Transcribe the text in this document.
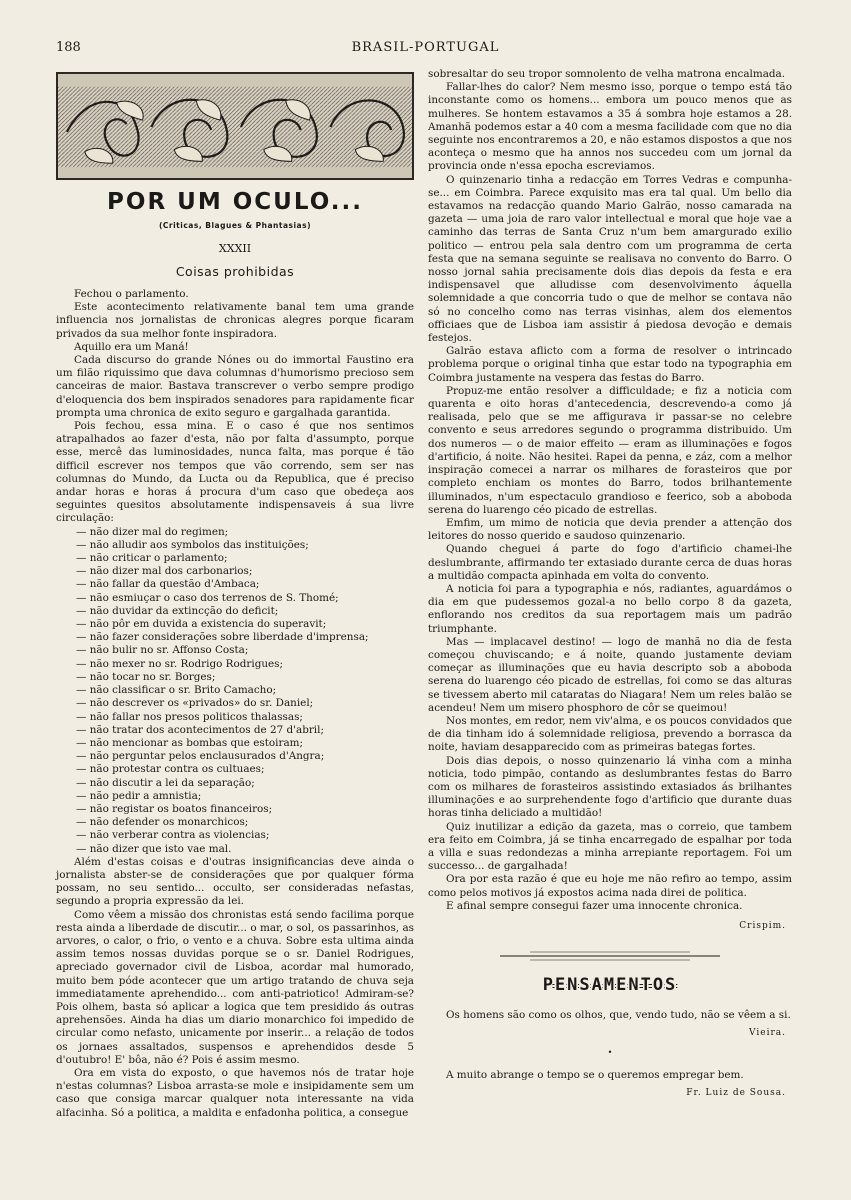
188	BRASIL-PORTUGAL
POR UM OCULO...
(Criticas, Blagues & Phantasias)
XXXII
Coisas prohibidas

Fechou o parlamento.

Este acontecimento relativamente banal tem uma grande influencia nos jornalistas de chronicas alegres porque ficaram privados da sua melhor fonte inspiradora.

Aquillo era um Maná!

Cada discurso do grande Nónes ou do immortal Faustino era um filão riquissimo que dava columnas d'humorismo precioso sem canceiras de maior. Bastava transcrever o verbo sempre prodigo d'eloquencia dos bem inspirados senadores para rapidamente ficar prompta uma chronica de exito seguro e gargalhada garantida.

Pois fechou, essa mina. E o caso é que nos sentimos atrapalhados ao fazer d'esta, não por falta d'assumpto, porque esse, mercê das luminosidades, nunca falta, mas porque é tão difficil escrever nos tempos que vão correndo, sem ser nas columnas do Mundo, da Lucta ou da Republica, que é preciso andar horas e horas á procura d'um caso que obedeça aos seguintes quesitos absolutamente indispensaveis á sua livre circulação:

— não dizer mal do regimen;
— não alludir aos symbolos das instituições;
— não criticar o parlamento;
— não dizer mal dos carbonarios;
— não fallar da questão d'Ambaca;
— não esmiuçar o caso dos terrenos de S. Thomé;
— não duvidar da extincção do deficit;
— não pôr em duvida a existencia do superavit;
— não fazer considerações sobre liberdade d'imprensa;
— não bulir no sr. Affonso Costa;
— não mexer no sr. Rodrigo Rodrigues;
— não tocar no sr. Borges;
— não classificar o sr. Brito Camacho;
— não descrever os «privados» do sr. Daniel;
— não fallar nos presos politicos thalassas;
— não tratar dos acontecimentos de 27 d'abril;
— não mencionar as bombas que estoiram;
— não perguntar pelos enclausurados d'Angra;
— não protestar contra os cultuaes;
— não discutir a lei da separação;
— não pedir a amnistia;
— não registar os boatos financeiros;
— não defender os monarchicos;
— não verberar contra as violencias;
— não dizer que isto vae mal.

Além d'estas coisas e d'outras insignificancias deve ainda o jornalista abster-se de considerações que por qualquer fórma possam, no seu sentido... occulto, ser consideradas nefastas, segundo a propria expressão da lei.

Como vêem a missão dos chronistas está sendo facilima porque resta ainda a liberdade de discutir... o mar, o sol, os passarinhos, as arvores, o calor, o frio, o vento e a chuva. Sobre esta ultima ainda assim temos nossas duvidas porque se o sr. Daniel Rodrigues, apreciado governador civil de Lisboa, acordar mal humorado, muito bem póde acontecer que um artigo tratando de chuva seja immediatamente aprehendido... com anti-patriotico! Admiram-se? Pois olhem, basta só aplicar a logica que tem presidido ás outras aprehensões. Ainda ha dias um diario monarchico foi impedido de circular como nefasto, unicamente por inserir... a relação de todos os jornaes assaltados, suspensos e aprehendidos desde 5 d'outubro! E' bôa, não é? Pois é assim mesmo.

Ora em vista do exposto, o que havemos nós de tratar hoje n'estas columnas? Lisboa arrasta-se mole e insipidamente sem um caso que consiga marcar qualquer nota interessante na vida alfacinha. Só a politica, a maldita e enfadonha politica, a consegue

sobresaltar do seu tropor somnolento de velha matrona encalmada.

Fallar-lhes do calor? Nem mesmo isso, porque o tempo está tão inconstante como os homens... embora um pouco menos que as mulheres. Se hontem estavamos a 35 á sombra hoje estamos a 28. Amanhã podemos estar a 40 com a mesma facilidade com que no dia seguinte nos encontraremos a 20, e não estamos dispostos a que nos aconteça o mesmo que ha annos nos succedeu com um jornal da provincia onde n'essa epocha escreviamos.

O quinzenario tinha a redacção em Torres Vedras e compunha-se... em Coimbra. Parece exquisito mas era tal qual. Um bello dia estavamos na redacção quando Mario Galrão, nosso camarada na gazeta — uma joia de raro valor intellectual e moral que hoje vae a caminho das terras de Santa Cruz n'um bem amargurado exilio politico — entrou pela sala dentro com um programma de certa festa que na semana seguinte se realisava no convento do Barro. O nosso jornal sahia precisamente dois dias depois da festa e era indispensavel que alludisse com desenvolvimento áquella solemnidade a que concorria tudo o que de melhor se contava não só no concelho como nas terras visinhas, alem dos elementos officiaes que de Lisboa iam assistir á piedosa devoção e demais festejos.

Galrão estava aflicto com a forma de resolver o intrincado problema porque o original tinha que estar todo na typographia em Coimbra justamente na vespera das festas do Barro.

Propuz-me então resolver a difficuldade; e fiz a noticia com quarenta e oito horas d'antecedencia, descrevendo-a como já realisada, pelo que se me affigurava ir passar-se no celebre convento e seus arredores segundo o programma distribuido. Um dos numeros — o de maior effeito — eram as illuminações e fogos d'artificio, á noite. Não hesitei. Rapei da penna, e záz, com a melhor inspiração comecei a narrar os milhares de forasteiros que por completo enchiam os montes do Barro, todos brilhantemente illuminados, n'um espectaculo grandioso e feerico, sob a aboboda serena do luarengo céo picado de estrellas.

Emfim, um mimo de noticia que devia prender a attenção dos leitores do nosso querido e saudoso quinzenario.

Quando cheguei á parte do fogo d'artificio chamei-lhe deslumbrante, affirmando ter extasiado durante cerca de duas horas a multidão compacta apinhada em volta do convento.

A noticia foi para a typographia e nós, radiantes, aguardámos o dia em que pudessemos gozal-a no bello corpo 8 da gazeta, enflorando nos creditos da sua reportagem mais um padrão triumphante.

Mas — implacavel destino! — logo de manhã no dia de festa começou chuviscando; e á noite, quando justamente deviam começar as illuminações que eu havia descripto sob a aboboda serena do luarengo céo picado de estrellas, foi como se das alturas se tivessem aberto mil cataratas do Niagara! Nem um reles balão se acendeu! Nem um misero phosphoro de côr se queimou!

Nos montes, em redor, nem viv'alma, e os poucos convidados que de dia tinham ido á solemnidade religiosa, prevendo a borrasca da noite, haviam desapparecido com as primeiras bategas fortes.

Dois dias depois, o nosso quinzenario lá vinha com a minha noticia, todo pimpão, contando as deslumbrantes festas do Barro com os milhares de forasteiros assistindo extasiados ás brilhantes illuminações e ao surprehendente fogo d'artificio que durante duas horas tinha deliciado a multidão!

Quiz inutilizar a edição da gazeta, mas o correio, que tambem era feito em Coimbra, já se tinha encarregado de espalhar por toda a villa e suas redondezas a minha arrepiante reportagem. Foi um successo... de gargalhada!

Ora por esta razão é que eu hoje me não refiro ao tempo, assim como pelos motivos já expostos acima nada direi de politica.

E afinal sempre consegui fazer uma innocente chronica.

Crispim.
PENSAMENTOS

Os homens são como os olhos, que, vendo tudo, não se vêem a si.

Vieira.
•

A muito abrange o tempo se o queremos empregar bem.

Fr. Luiz de Sousa.
